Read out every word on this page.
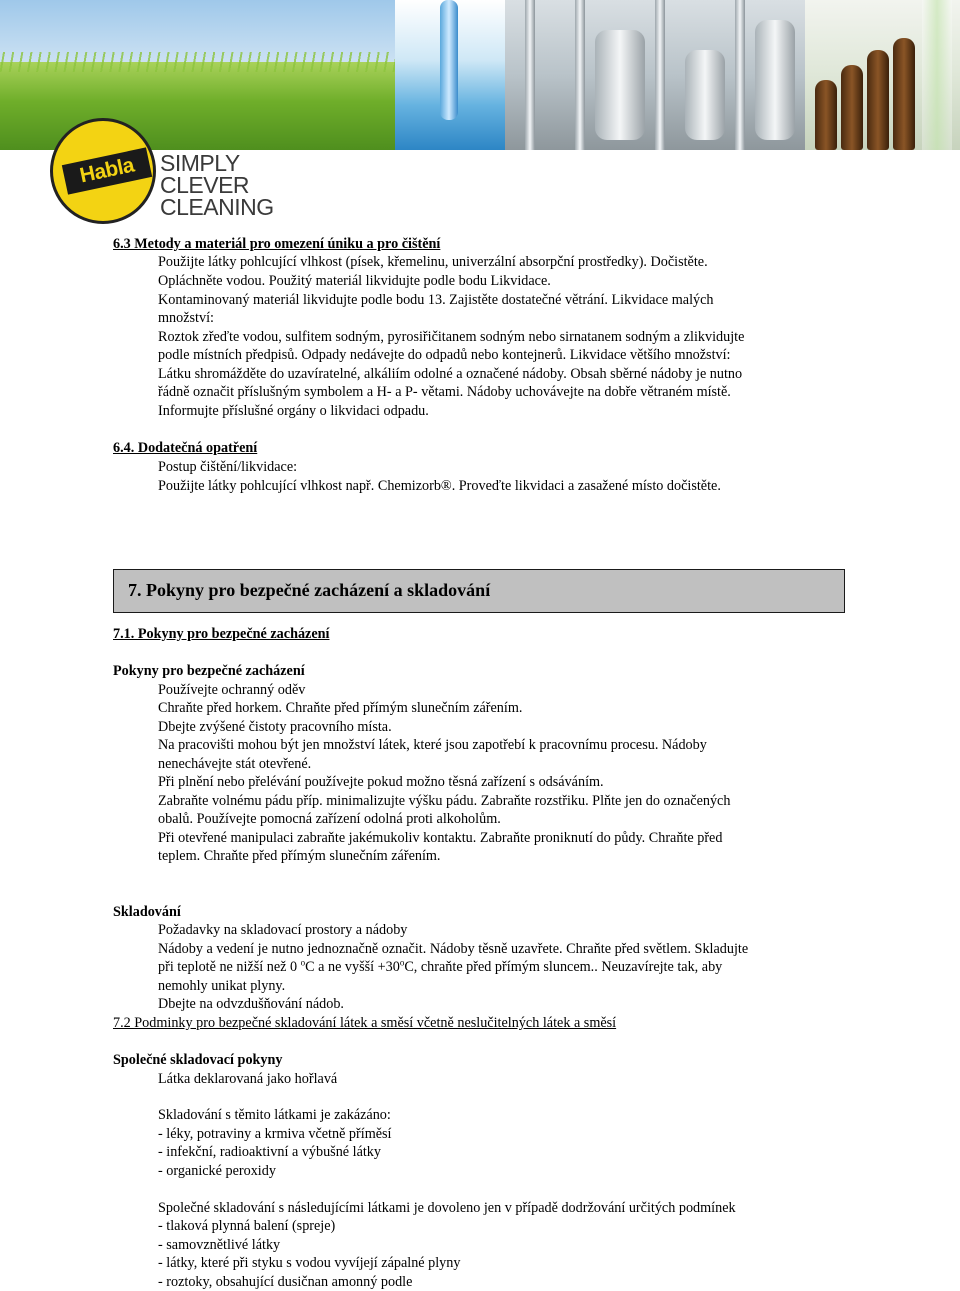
Habla	SIMPLY
CLEVER
CLEANING
6.3 Metody a materiál pro omezení úniku a pro čištění
Použijte látky pohlcující vlhkost (písek, křemelinu, univerzální absorpční prostředky). Dočistěte.
Opláchněte vodou. Použitý materiál likvidujte podle bodu Likvidace.
Kontaminovaný materiál likvidujte podle bodu 13. Zajistěte dostatečné větrání. Likvidace malých
množství:
Roztok zřeďte vodou, sulfitem sodným, pyrosiřičitanem sodným nebo sirnatanem sodným a zlikvidujte
podle místních předpisů. Odpady nedávejte do odpadů nebo kontejnerů. Likvidace většího množství:
Látku shromážděte do uzavíratelné, alkáliím odolné a označené nádoby. Obsah sběrné nádoby je nutno
řádně označit příslušným symbolem a H- a P- větami. Nádoby uchovávejte na dobře větraném místě.
Informujte příslušné orgány o likvidaci odpadu.
6.4. Dodatečná opatření
Postup čištění/likvidace:
Použijte látky pohlcující vlhkost např. Chemizorb®. Proveďte likvidaci a zasažené místo dočistěte.
7. Pokyny pro bezpečné zacházení a skladování
7.1. Pokyny pro bezpečné zacházení
Pokyny pro bezpečné zacházení
Používejte ochranný oděv
Chraňte před horkem. Chraňte před přímým slunečním zářením.
Dbejte zvýšené čistoty pracovního místa.
Na pracovišti mohou být jen množství látek, které jsou zapotřebí k pracovnímu procesu. Nádoby
nenechávejte stát otevřené.
Při plnění nebo přelévání používejte pokud možno těsná zařízení s odsáváním.
Zabraňte volnému pádu příp. minimalizujte výšku pádu. Zabraňte rozstřiku. Plňte jen do označených
obalů. Používejte pomocná zařízení odolná proti alkoholům.
Při otevřené manipulaci zabraňte jakémukoliv kontaktu. Zabraňte proniknutí do půdy. Chraňte před
teplem. Chraňte před přímým slunečním zářením.
Skladování
Požadavky na skladovací prostory a nádoby
Nádoby a vedení je nutno jednoznačně označit. Nádoby těsně uzavřete. Chraňte před světlem. Skladujte
při teplotě ne nižší než 0 $^o$C a ne vyšší $+30^oC$, chraňte před přímým sluncem.. Neuzavírejte tak, aby
nemohly unikat plyny.
Dbejte na odvzdušňování nádob.
7.2 Podminky pro bezpečné skladování látek a směsí včetně neslučitelných látek a směsí
Společné skladovací pokyny
Látka deklarovaná jako hořlavá
Skladování s těmito látkami je zakázáno:
- léky, potraviny a krmiva včetně příměsí
- infekční, radioaktivní a výbušné látky
- organické peroxidy
Společné skladování s následujícími látkami je dovoleno jen v případě dodržování určitých podmínek
- tlaková plynná balení (spreje)
- samovznětlivé látky
- látky, které při styku s vodou vyvíjejí zápalné plyny
- roztoky, obsahující dusičnan amonný podle
